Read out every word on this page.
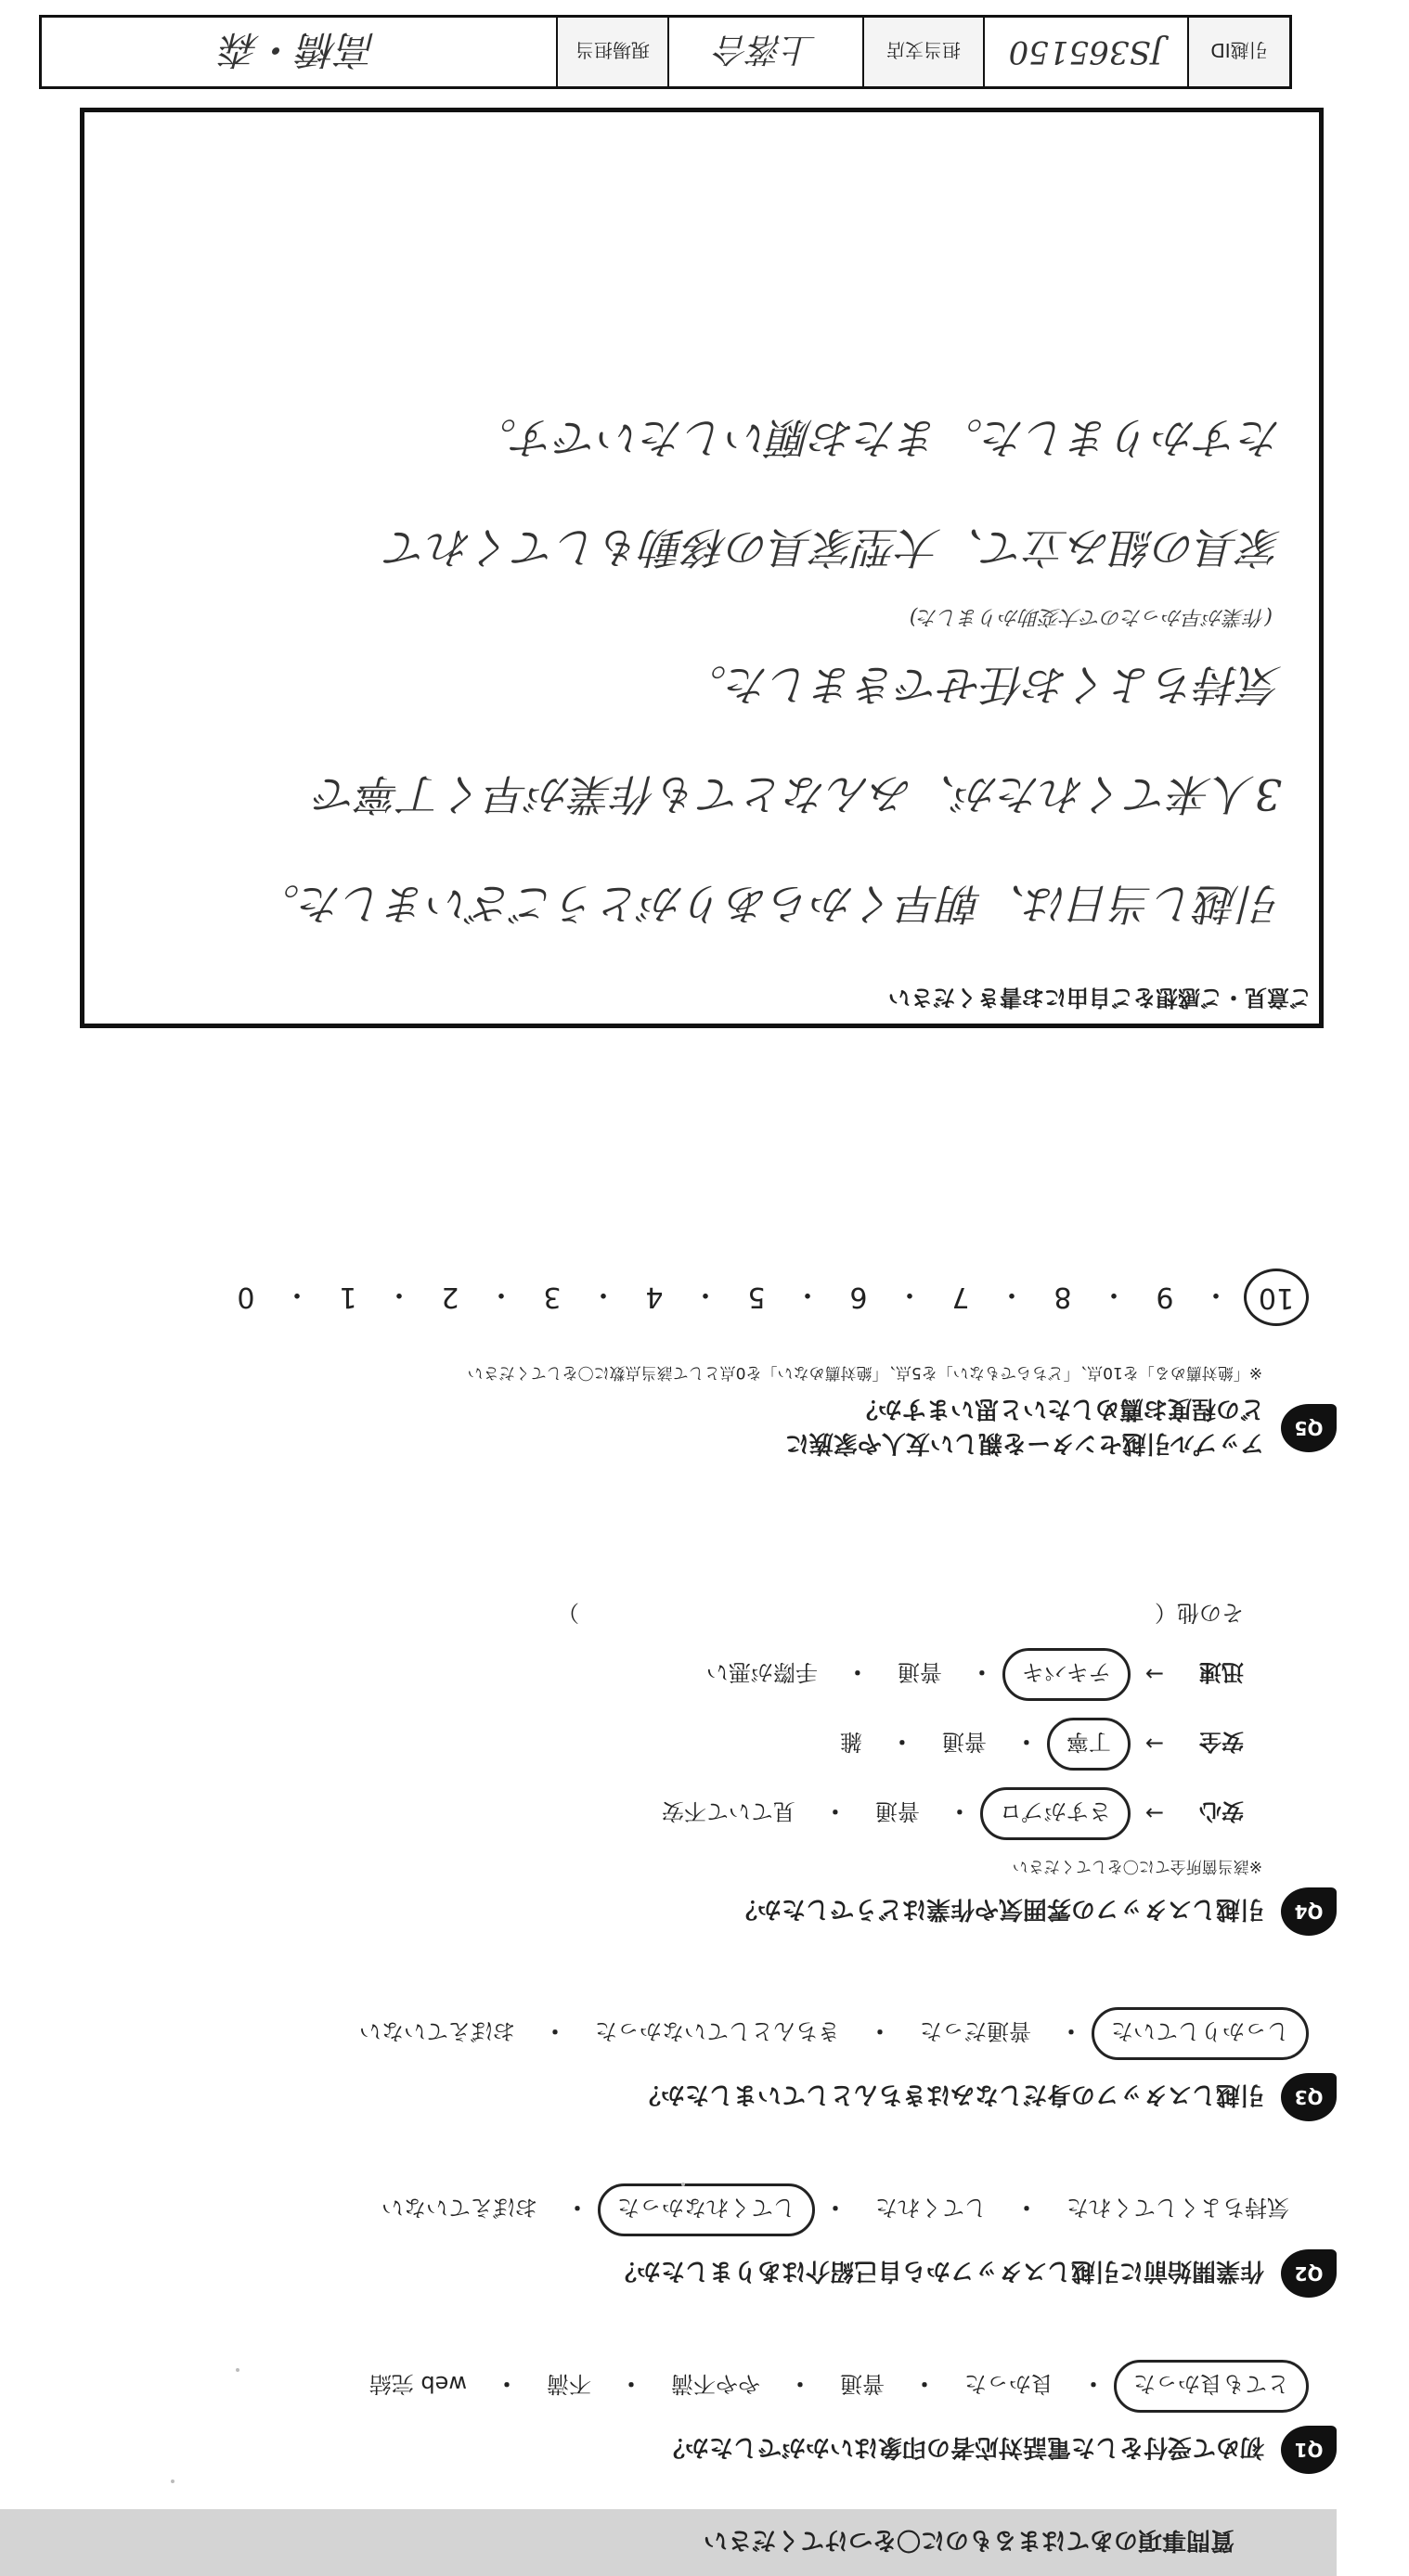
質問事項のあてはまるものに〇をつけてください
Q1
初めて受付をした電話対応者の印象はいかがでしたか？
とても良かった
・
良かった
・
普通
・
やや不満
・
不満
・
web 完結
Q2
作業開始前に引越しスタッフから自己紹介はありましたか？
気持ちよくしてくれた
・
してくれた
・
してくれなかった
・
おぼえていない
Q3
引越しスタッフの身だしなみはきちんとしていましたか？
しっかりしていた
・
普通だった
・
きちんとしていなかった
・
おぼえていない
Q4
引越しスタッフの雰囲気や作業はどうでしたか？
※該当箇所全てに〇をしてください
安心
→
さすがプロ
・
普通
・
見ていて不安
安全
→
丁寧
・
普通
・
雑
迅速
→
テキパキ
・
普通
・
手際が悪い
その他（
）
Q5
アップル引越センターを親しい友人や家族に
どの程度お薦めしたいと思いますか？
※「絶対薦める」を10点、「どちらでもない」を5点、「絶対薦めない」を0点として該当点数に〇をしてください
10
・
9
・
8
・
7
・
6
・
5
・
4
・
3
・
2
・
1
・
0
ご意見・ご感想をご自由にお書きください
引越し当日は、朝早くからありがとうございました。
3人来てくれたが、みんなとても作業が早く丁寧で
気持ちよくお任せできました。
(作業が早かったので大変助かりました)
家具の組み立て、大型家具の移動もしてくれて
たすかりました。またお願いしたいです。
引越ID
JS365150
担当支店
上落合
現場担当
高橋・森
